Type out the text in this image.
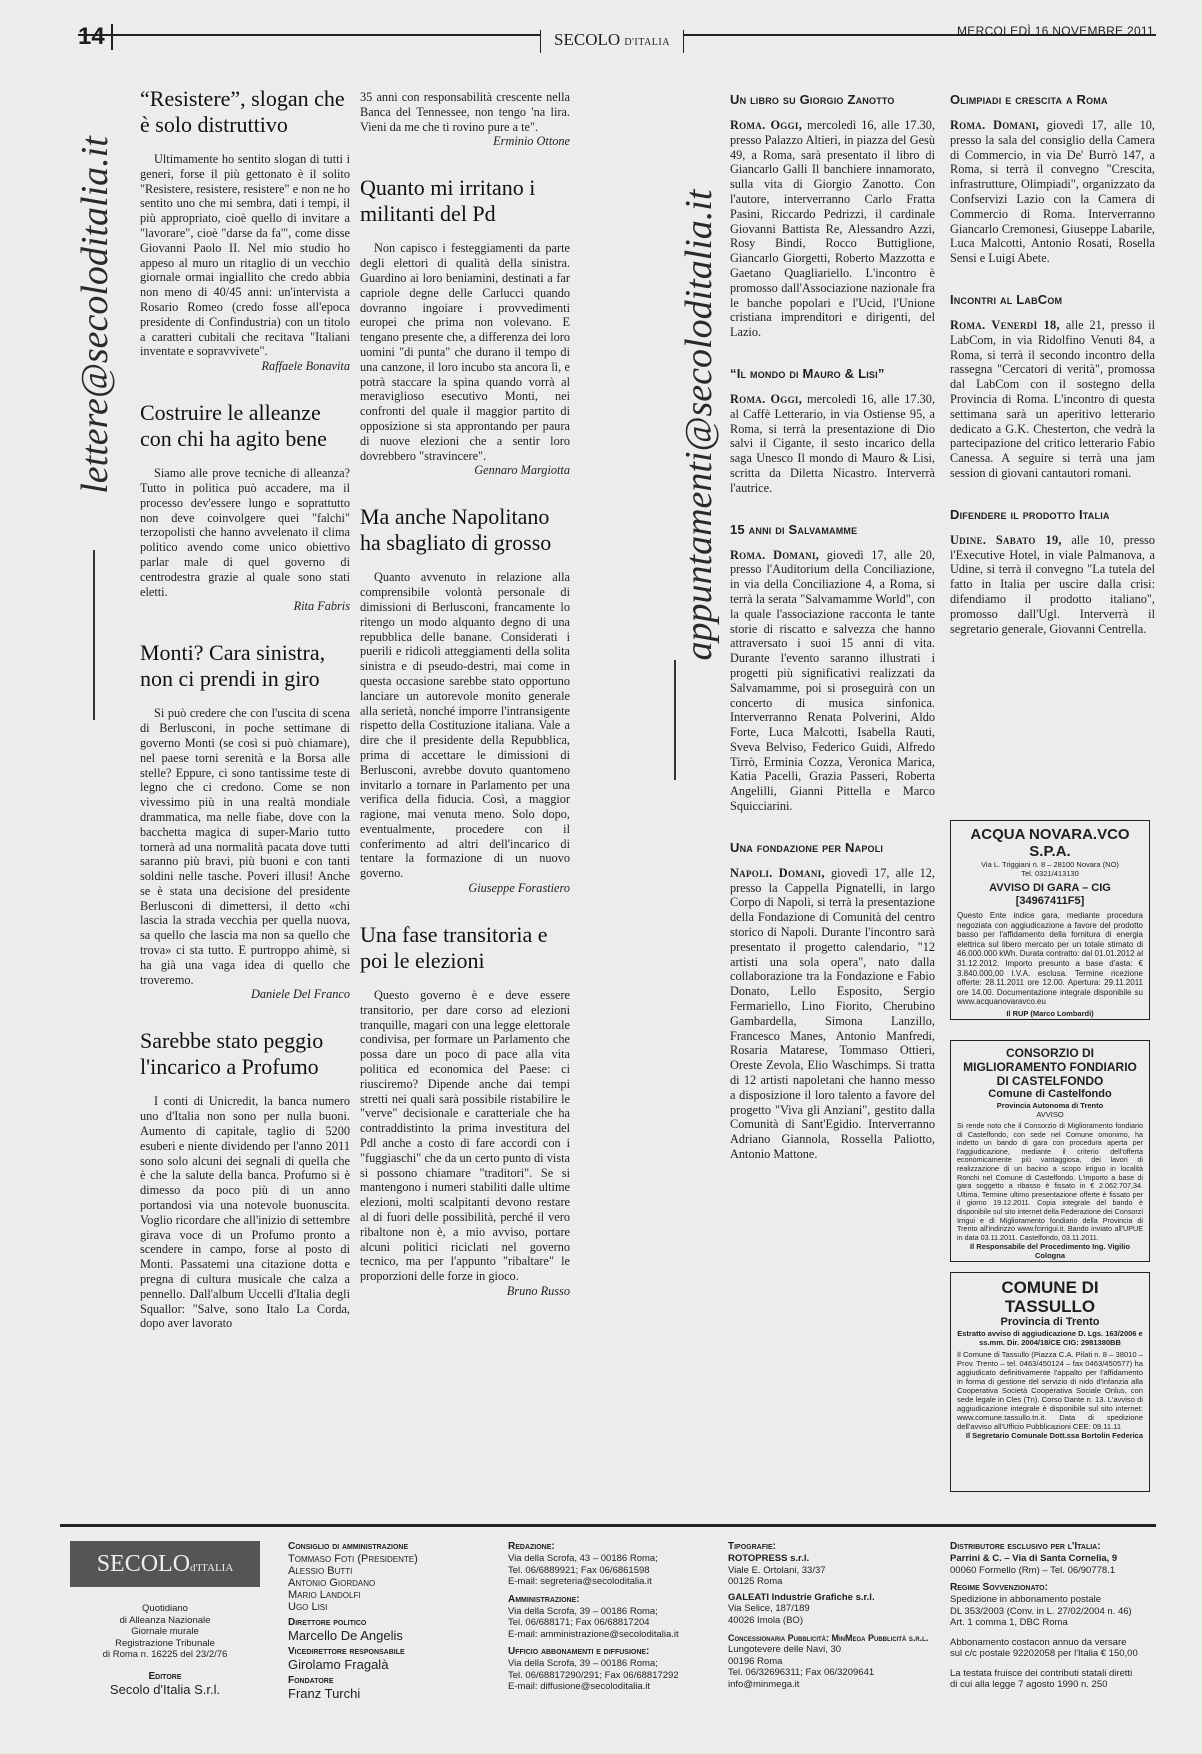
14	SECOLO D'ITALIA
MERCOLEDÌ 16 NOVEMBRE 2011
lettere@secoloditalia.it	appuntamenti@secoloditalia.it
“Resistere”, slogan che è solo distruttivo

Ultimamente ho sentito slogan di tutti i generi, forse il più gettonato è il solito "Resistere, resistere, resistere" e non ne ho sentito uno che mi sembra, dati i tempi, il più appropriato, cioè quello di invitare a "lavorare", cioè "darse da fa'", come disse Giovanni Paolo II. Nel mio studio ho appeso al muro un ritaglio di un vecchio giornale ormai ingiallito che credo abbia non meno di 40/45 anni: un'intervista a Rosario Romeo (credo fosse all'epoca presidente di Confindustria) con un titolo a caratteri cubitali che recitava "Italiani inventate e sopravvivete".

Raffaele Bonavita
Costruire le alleanze con chi ha agito bene

Siamo alle prove tecniche di alleanza? Tutto in politica può accadere, ma il processo dev'essere lungo e soprattutto non deve coinvolgere quei "falchi" terzopolisti che hanno avvelenato il clima politico avendo come unico obiettivo parlar male di quel governo di centrodestra grazie al quale sono stati eletti.

Rita Fabris
Monti? Cara sinistra, non ci prendi in giro

Si può credere che con l'uscita di scena di Berlusconi, in poche settimane di governo Monti (se così si può chiamare), nel paese torni serenità e la Borsa alle stelle? Eppure, ci sono tantissime teste di legno che ci credono. Come se non vivessimo più in una realtà mondiale drammatica, ma nelle fiabe, dove con la bacchetta magica di super-Mario tutto tornerà ad una normalità pacata dove tutti saranno più bravi, più buoni e con tanti soldini nelle tasche. Poveri illusi! Anche se è stata una decisione del presidente Berlusconi di dimettersi, il detto «chi lascia la strada vecchia per quella nuova, sa quello che lascia ma non sa quello che trova» ci sta tutto. E purtroppo ahimè, si ha già una vaga idea di quello che troveremo.

Daniele Del Franco
Sarebbe stato peggio l'incarico a Profumo

I conti di Unicredit, la banca numero uno d'Italia non sono per nulla buoni. Aumento di capitale, taglio di 5200 esuberi e niente dividendo per l'anno 2011 sono solo alcuni dei segnali di quella che è che la salute della banca. Profumo si è dimesso da poco più di un anno portandosi via una notevole buonuscita. Voglio ricordare che all'inizio di settembre girava voce di un Profumo pronto a scendere in campo, forse al posto di Monti. Passatemi una citazione dotta e pregna di cultura musicale che calza a pennello. Dall'album Uccelli d'Italia degli Squallor: "Salve, sono Italo La Corda, dopo aver lavorato

35 anni con responsabilità crescente nella Banca del Tennessee, non tengo 'na lira. Vieni da me che ti rovino pure a te".

Erminio Ottone
Quanto mi irritano i militanti del Pd

Non capisco i festeggiamenti da parte degli elettori di qualità della sinistra. Guardino ai loro beniamini, destinati a far capriole degne delle Carlucci quando dovranno ingoiare i provvedimenti europei che prima non volevano. E tengano presente che, a differenza dei loro uomini "di punta" che durano il tempo di una canzone, il loro incubo sta ancora lì, e potrà staccare la spina quando vorrà al meraviglioso esecutivo Monti, nei confronti del quale il maggior partito di opposizione si sta approntando per paura di nuove elezioni che a sentir loro dovrebbero "stravincere".

Gennaro Margiotta
Ma anche Napolitano ha sbagliato di grosso

Quanto avvenuto in relazione alla comprensibile volontà personale di dimissioni di Berlusconi, francamente lo ritengo un modo alquanto degno di una repubblica delle banane. Considerati i puerili e ridicoli atteggiamenti della solita sinistra e di pseudo-destri, mai come in questa occasione sarebbe stato opportuno lanciare un autorevole monito generale alla serietà, nonché imporre l'intransigente rispetto della Costituzione italiana. Vale a dire che il presidente della Repubblica, prima di accettare le dimissioni di Berlusconi, avrebbe dovuto quantomeno invitarlo a tornare in Parlamento per una verifica della fiducia. Così, a maggior ragione, mai venuta meno. Solo dopo, eventualmente, procedere con il conferimento ad altri dell'incarico di tentare la formazione di un nuovo governo.

Giuseppe Forastiero
Una fase transitoria e poi le elezioni

Questo governo è e deve essere transitorio, per dare corso ad elezioni tranquille, magari con una legge elettorale condivisa, per formare un Parlamento che possa dare un poco di pace alla vita politica ed economica del Paese: ci riusciremo? Dipende anche dai tempi stretti nei quali sarà possibile ristabilire le "verve" decisionale e caratteriale che ha contraddistinto la prima investitura del Pdl anche a costo di fare accordi con i "fuggiaschi" che da un certo punto di vista si possono chiamare "traditori". Se si mantengono i numeri stabiliti dalle ultime elezioni, molti scalpitanti devono restare al di fuori delle possibilità, perché il vero ribaltone non è, a mio avviso, portare alcuni politici riciclati nel governo tecnico, ma per l'appunto "ribaltare" le proporzioni delle forze in gioco.

Bruno Russo
Un libro su Giorgio Zanotto

Roma. Oggi, mercoledì 16, alle 17.30, presso Palazzo Altieri, in piazza del Gesù 49, a Roma, sarà presentato il libro di Giancarlo Galli Il banchiere innamorato, sulla vita di Giorgio Zanotto. Con l'autore, interverranno Carlo Fratta Pasini, Riccardo Pedrizzi, il cardinale Giovanni Battista Re, Alessandro Azzi, Rosy Bindi, Rocco Buttiglione, Giancarlo Giorgetti, Roberto Mazzotta e Gaetano Quagliariello. L'incontro è promosso dall'Associazione nazionale fra le banche popolari e l'Ucid, l'Unione cristiana imprenditori e dirigenti, del Lazio.

“Il mondo di Mauro & Lisi”

Roma. Oggi, mercoledì 16, alle 17.30, al Caffè Letterario, in via Ostiense 95, a Roma, si terrà la presentazione di Dio salvi il Cigante, il sesto incarico della saga Unesco Il mondo di Mauro & Lisi, scritta da Diletta Nicastro. Interverrà l'autrice.

15 anni di Salvamamme

Roma. Domani, giovedì 17, alle 20, presso l'Auditorium della Conciliazione, in via della Conciliazione 4, a Roma, si terrà la serata "Salvamamme World", con la quale l'associazione racconta le tante storie di riscatto e salvezza che hanno attraversato i suoi 15 anni di vita. Durante l'evento saranno illustrati i progetti più significativi realizzati da Salvamamme, poi si proseguirà con un concerto di musica sinfonica. Interverranno Renata Polverini, Aldo Forte, Luca Malcotti, Isabella Rauti, Sveva Belviso, Federico Guidi, Alfredo Tirrò, Erminia Cozza, Veronica Marica, Katia Pacelli, Grazia Passeri, Roberta Angelilli, Gianni Pittella e Marco Squicciarini.

Una fondazione per Napoli

Napoli. Domani, giovedì 17, alle 12, presso la Cappella Pignatelli, in largo Corpo di Napoli, si terrà la presentazione della Fondazione di Comunità del centro storico di Napoli. Durante l'incontro sarà presentato il progetto calendario, "12 artisti una sola opera", nato dalla collaborazione tra la Fondazione e Fabio Donato, Lello Esposito, Sergio Fermariello, Lino Fiorito, Cherubino Gambardella, Simona Lanzillo, Francesco Manes, Antonio Manfredi, Rosaria Matarese, Tommaso Ottieri, Oreste Zevola, Elio Waschimps. Si tratta di 12 artisti napoletani che hanno messo a disposizione il loro talento a favore del progetto "Viva gli Anziani", gestito dalla Comunità di Sant'Egidio. Interverranno Adriano Giannola, Rossella Paliotto, Antonio Mattone.

Olimpiadi e crescita a Roma

Roma. Domani, giovedì 17, alle 10, presso la sala del consiglio della Camera di Commercio, in via De' Burrò 147, a Roma, si terrà il convegno "Crescita, infrastrutture, Olimpiadi", organizzato da Confservizi Lazio con la Camera di Commercio di Roma. Interverranno Giancarlo Cremonesi, Giuseppe Labarile, Luca Malcotti, Antonio Rosati, Rosella Sensi e Luigi Abete.

Incontri al LabCom

Roma. Venerdì 18, alle 21, presso il LabCom, in via Ridolfino Venuti 84, a Roma, si terrà il secondo incontro della rassegna "Cercatori di verità", promossa dal LabCom con il sostegno della Provincia di Roma. L'incontro di questa settimana sarà un aperitivo letterario dedicato a G.K. Chesterton, che vedrà la partecipazione del critico letterario Fabio Canessa. A seguire si terrà una jam session di giovani cantautori romani.

Difendere il prodotto Italia

Udine. Sabato 19, alle 10, presso l'Executive Hotel, in viale Palmanova, a Udine, si terrà il convegno "La tutela del fatto in Italia per uscire dalla crisi: difendiamo il prodotto italiano", promosso dall'Ugl. Interverrà il segretario generale, Giovanni Centrella.

ACQUA NOVARA.VCO S.P.A.
Via L. Triggiani n. 8 – 28100 Novara (NO)
Tel. 0321/413130
AVVISO DI GARA – CIG [34967411F5]
Questo Ente indice gara, mediante procedura negoziata con aggiudicazione a favore del prodotto basso per l'affidamento della fornitura di energia elettrica sul libero mercato per un totale stimato di 46.000.000 kWh. Durata contratto: dal 01.01.2012 al 31.12.2012. Importo presunto a base d'asta: € 3.840.000,00 I.V.A. esclusa. Termine ricezione offerte: 28.11.2011 ore 12.00. Apertura: 29.11.2011 ore 14.00. Documentazione integrale disponibile su www.acquanovaravco.eu
Il RUP (Marco Lombardi)
CONSORZIO DI MIGLIORAMENTO FONDIARIO DI CASTELFONDO
Comune di Castelfondo
Provincia Autonoma di Trento
AVVISO
Si rende noto che il Consorzio di Miglioramento fondiario di Castelfondo, con sede nel Comune omonimo, ha indetto un bando di gara con procedura aperta per l'aggiudicazione, mediante il criterio dell'offerta economicamente più vantaggiosa, dei lavori di realizzazione di un bacino a scopo irriguo in località Ronchi nel Comune di Castelfondo. L'importo a base di gara soggetto a ribasso è fissato in € 2.062.707,34. Ultima. Termine ultimo presentazione offerte è fissato per il giorno 19.12.2011. Copia integrale del bando è disponibile sul sito internet della Federazione dei Consorzi Irrigui e di Miglioramento fondiario della Provincia di Trento all'indirizzo www.fcirrigui.it. Bando inviato all'UPUE in data 03.11.2011. Castelfondo, 03.11.2011.
Il Responsabile del Procedimento Ing. Vigilio Cologna
COMUNE DI TASSULLO
Provincia di Trento
Estratto avviso di aggiudicazione D. Lgs. 163/2006 e ss.mm. Dir. 2004/18/CE CIG: 2981380BB
Il Comune di Tassullo (Piazza C.A. Pilati n. 8 – 38010 – Prov. Trento – tel. 0463/450124 – fax 0463/450577) ha aggiudicato definitivamente l'appalto per l'affidamento in forma di gestione del servizio di nido d'infanzia alla Cooperativa Società Cooperativa Sociale Onlus, con sede legale in Cles (Tn). Corso Dante n. 13. L'avviso di aggiudicazione integrale è disponibile sul sito internet: www.comune.tassullo.tn.it. Data di spedizione dell'avviso all'Ufficio Pubblicazioni CEE: 09.11.11
Il Segretario Comunale Dott.ssa Bortolin Federica
SECOLOd'ITALIA
Quotidiano
di Alleanza Nazionale
Giornale murale
Registrazione Tribunale
di Roma n. 16225 del 23/2/76
Editore
Secolo d'Italia S.r.l.
Consiglio di amministrazione
Tommaso Foti (Presidente)
Alessio Butti
Antonio Giordano
Mario Landolfi
Ugo Lisi
Direttore politico
Marcello De Angelis
Vicedirettore responsabile
Girolamo Fragalà
Fondatore
Franz Turchi
Redazione:
Via della Scrofa, 43 – 00186 Roma;
Tel. 06/6889921; Fax 06/6861598
E-mail: segreteria@secoloditalia.it
Amministrazione:
Via della Scrofa, 39 – 00186 Roma;
Tel. 06/688171; Fax 06/68817204
E-mail: amministrazione@secoloditalia.it
Ufficio abbonamenti e diffusione:
Via della Scrofa, 39 – 00186 Roma;
Tel. 06/68817290/291; Fax 06/68817292
E-mail: diffusione@secoloditalia.it
Tipografie:
ROTOPRESS s.r.l.
Viale E. Ortolani, 33/37
00125 Roma
GALEATI Industrie Grafiche s.r.l.
Via Selice, 187/189
40026 Imola (BO)
Concessionaria Pubblicità: MinMega Pubblicità s.r.l.
Lungotevere delle Navi, 30
00196 Roma
Tel. 06/32696311; Fax 06/3209641
info@minmega.it
Distributore esclusivo per l'Italia:
Parrini & C. – Via di Santa Cornelia, 9
00060 Formello (Rm) – Tel. 06/90778.1
Regime Sovvenzionato:
Spedizione in abbonamento postale
DL 353/2003 (Conv. in L. 27/02/2004 n. 46)
Art. 1 comma 1, DBC Roma
Abbonamento costacon annuo da versare
sul c/c postale 92202058 per l'Italia € 150,00
La testata fruisce dei contributi statali diretti
di cui alla legge 7 agosto 1990 n. 250
